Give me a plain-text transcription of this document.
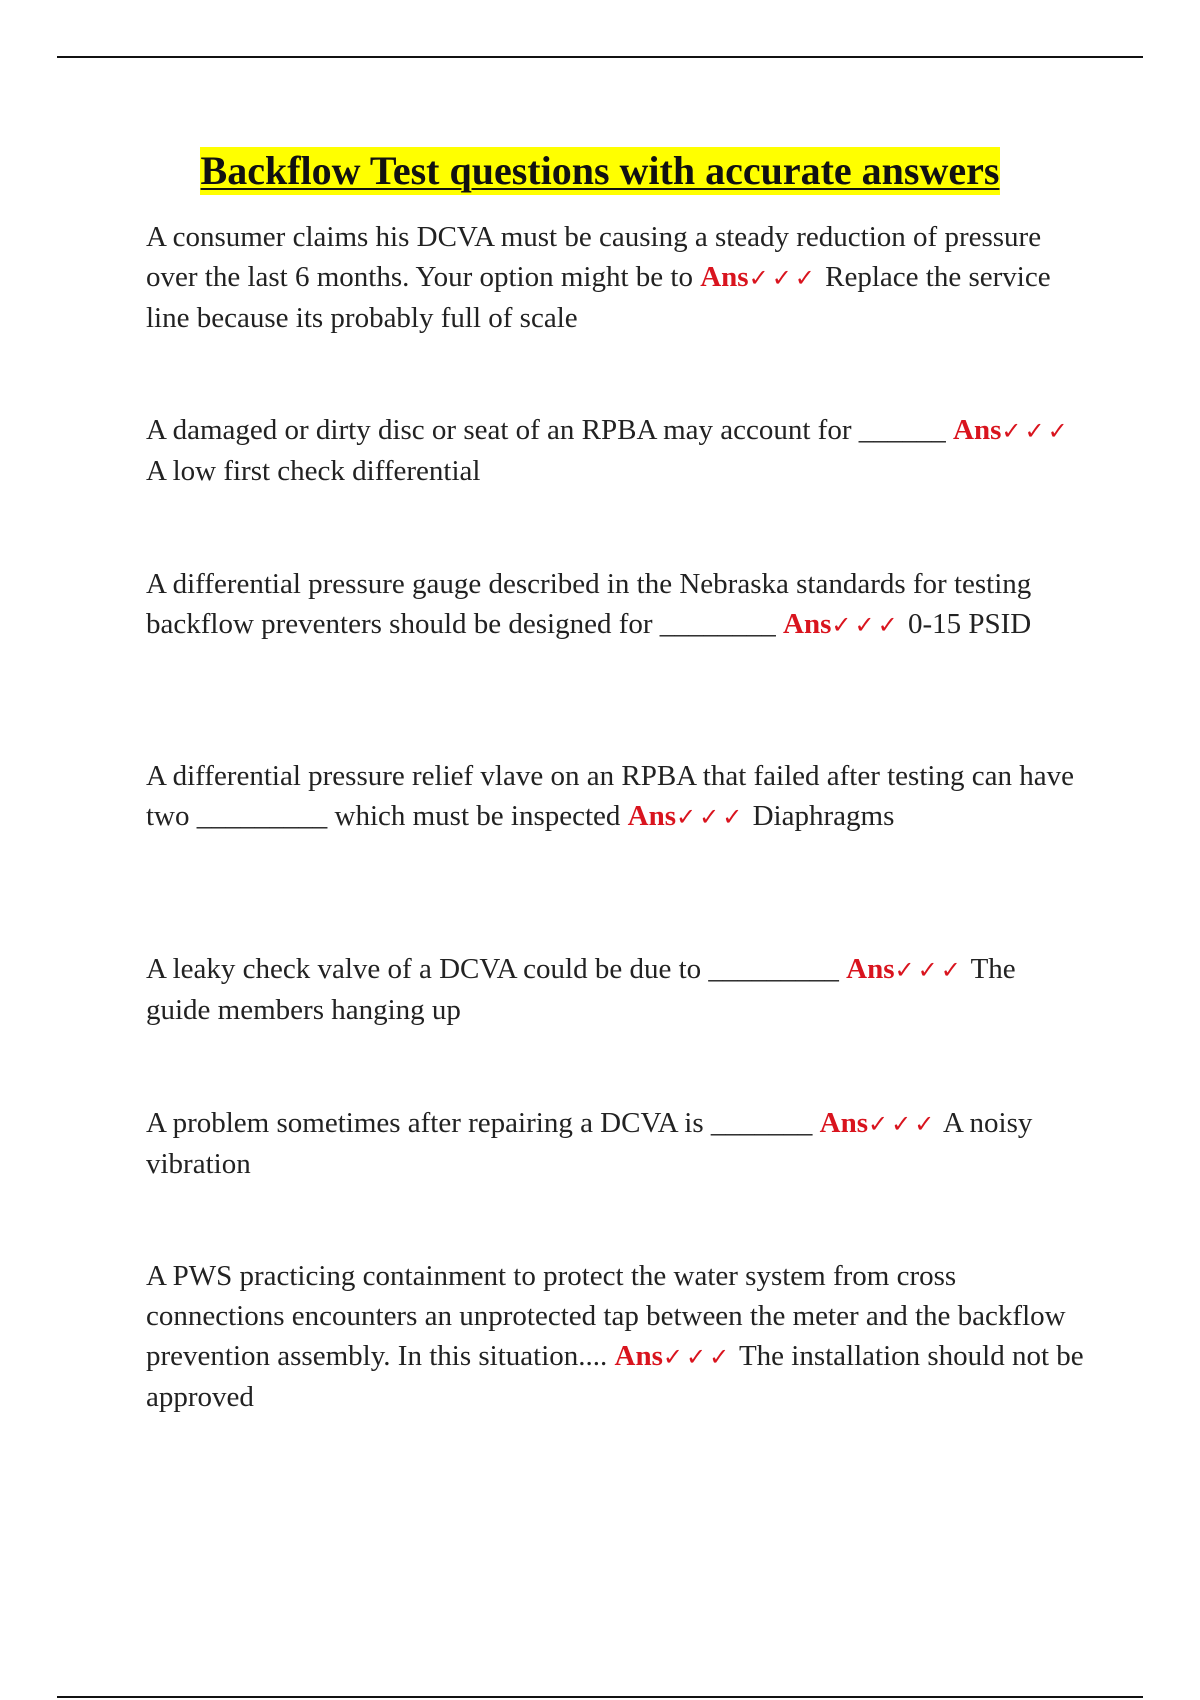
Backflow Test questions with accurate answers
A consumer claims his DCVA must be causing a steady reduction of pressure over the last 6 months. Your option might be to Ans✓✓✓ Replace the service line because its probably full of scale
A damaged or dirty disc or seat of an RPBA may account for ______ Ans✓✓✓ A low first check differential
A differential pressure gauge described in the Nebraska standards for testing backflow preventers should be designed for ________ Ans✓✓✓ 0-15 PSID
A differential pressure relief vlave on an RPBA that failed after testing can have two _________ which must be inspected Ans✓✓✓ Diaphragms
A leaky check valve of a DCVA could be due to _________ Ans✓✓✓ The guide members hanging up
A problem sometimes after repairing a DCVA is _______ Ans✓✓✓ A noisy vibration
A PWS practicing containment to protect the water system from cross connections encounters an unprotected tap between the meter and the backflow prevention assembly. In this situation.... Ans✓✓✓ The installation should not be approved
